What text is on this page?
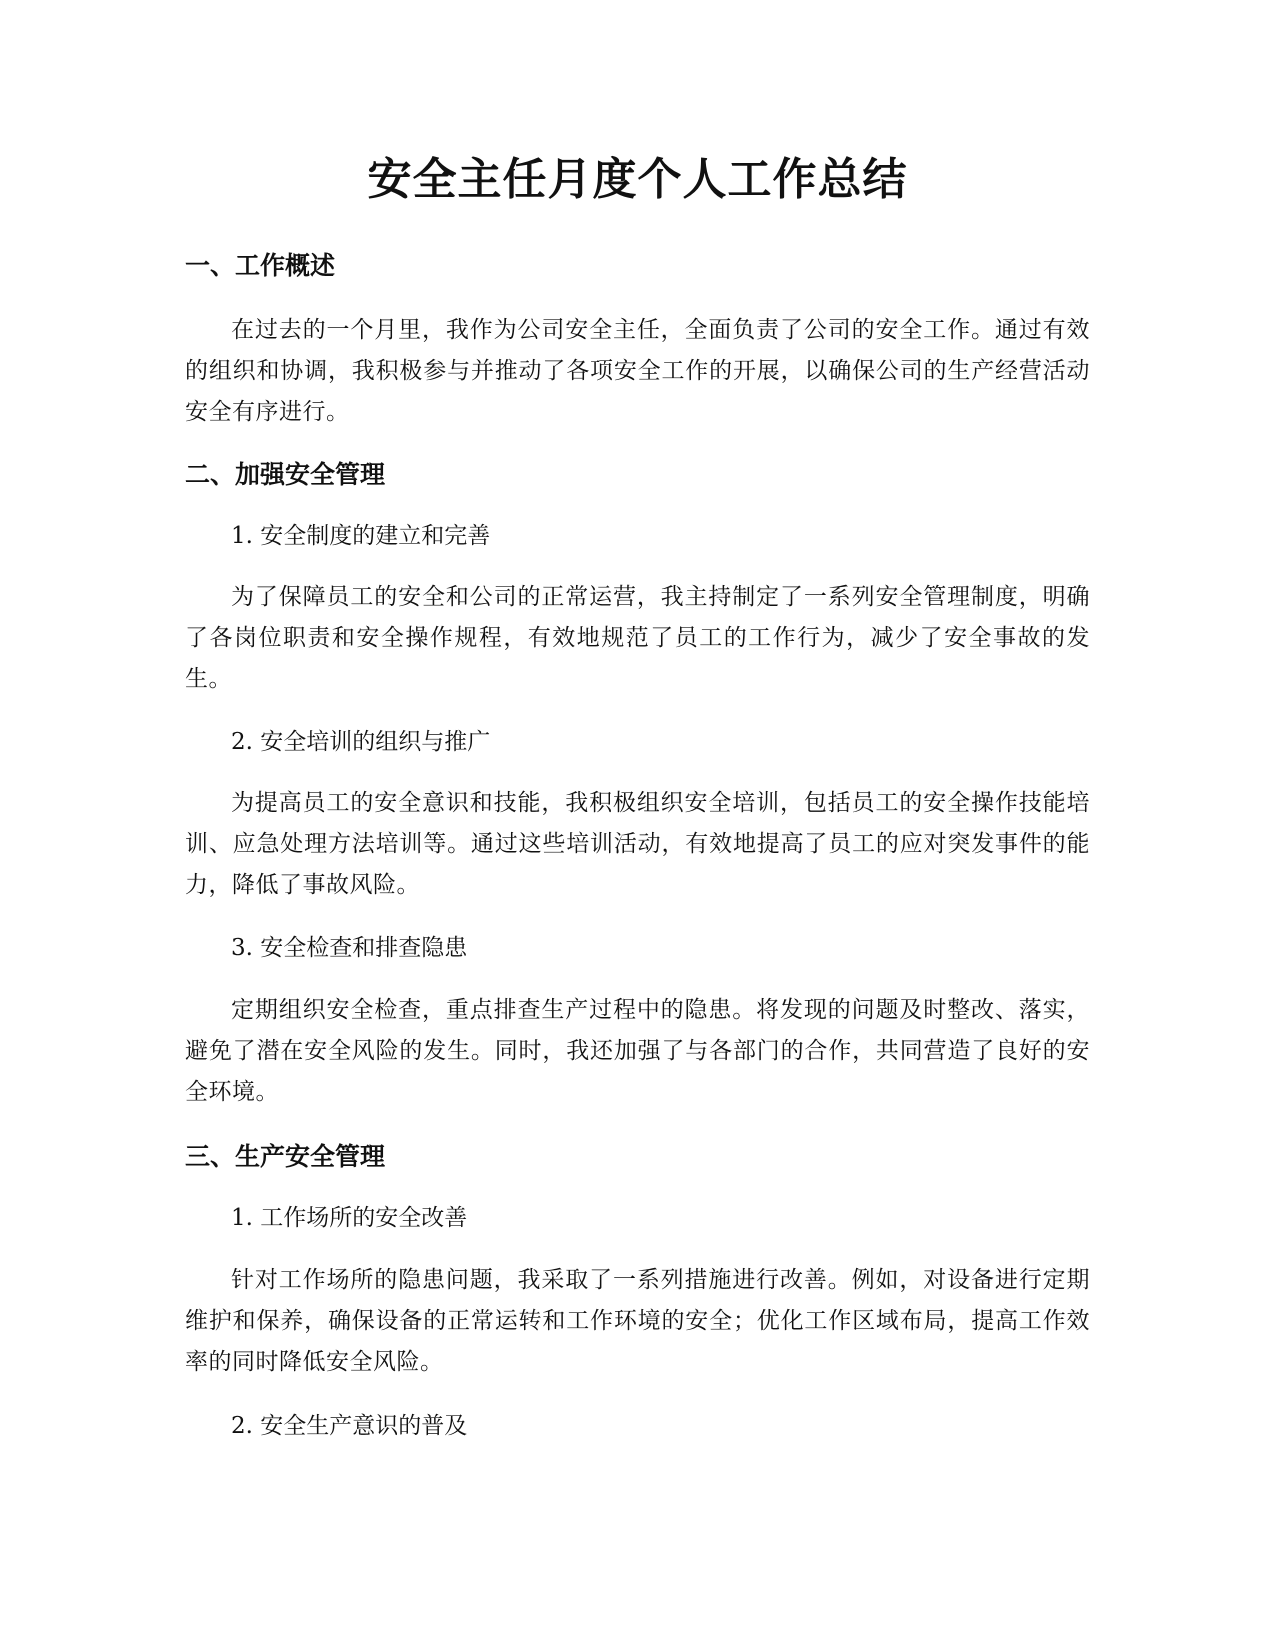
安全主任月度个人工作总结
一、工作概述

在过去的一个月里，我作为公司安全主任，全面负责了公司的安全工作。通过有效的组织和协调，我积极参与并推动了各项安全工作的开展，以确保公司的生产经营活动安全有序进行。

二、加强安全管理

1. 安全制度的建立和完善

为了保障员工的安全和公司的正常运营，我主持制定了一系列安全管理制度，明确了各岗位职责和安全操作规程，有效地规范了员工的工作行为，减少了安全事故的发生。

2. 安全培训的组织与推广

为提高员工的安全意识和技能，我积极组织安全培训，包括员工的安全操作技能培训、应急处理方法培训等。通过这些培训活动，有效地提高了员工的应对突发事件的能力，降低了事故风险。

3. 安全检查和排查隐患

定期组织安全检查，重点排查生产过程中的隐患。将发现的问题及时整改、落实，避免了潜在安全风险的发生。同时，我还加强了与各部门的合作，共同营造了良好的安全环境。

三、生产安全管理

1. 工作场所的安全改善

针对工作场所的隐患问题，我采取了一系列措施进行改善。例如，对设备进行定期维护和保养，确保设备的正常运转和工作环境的安全；优化工作区域布局，提高工作效率的同时降低安全风险。

2. 安全生产意识的普及
